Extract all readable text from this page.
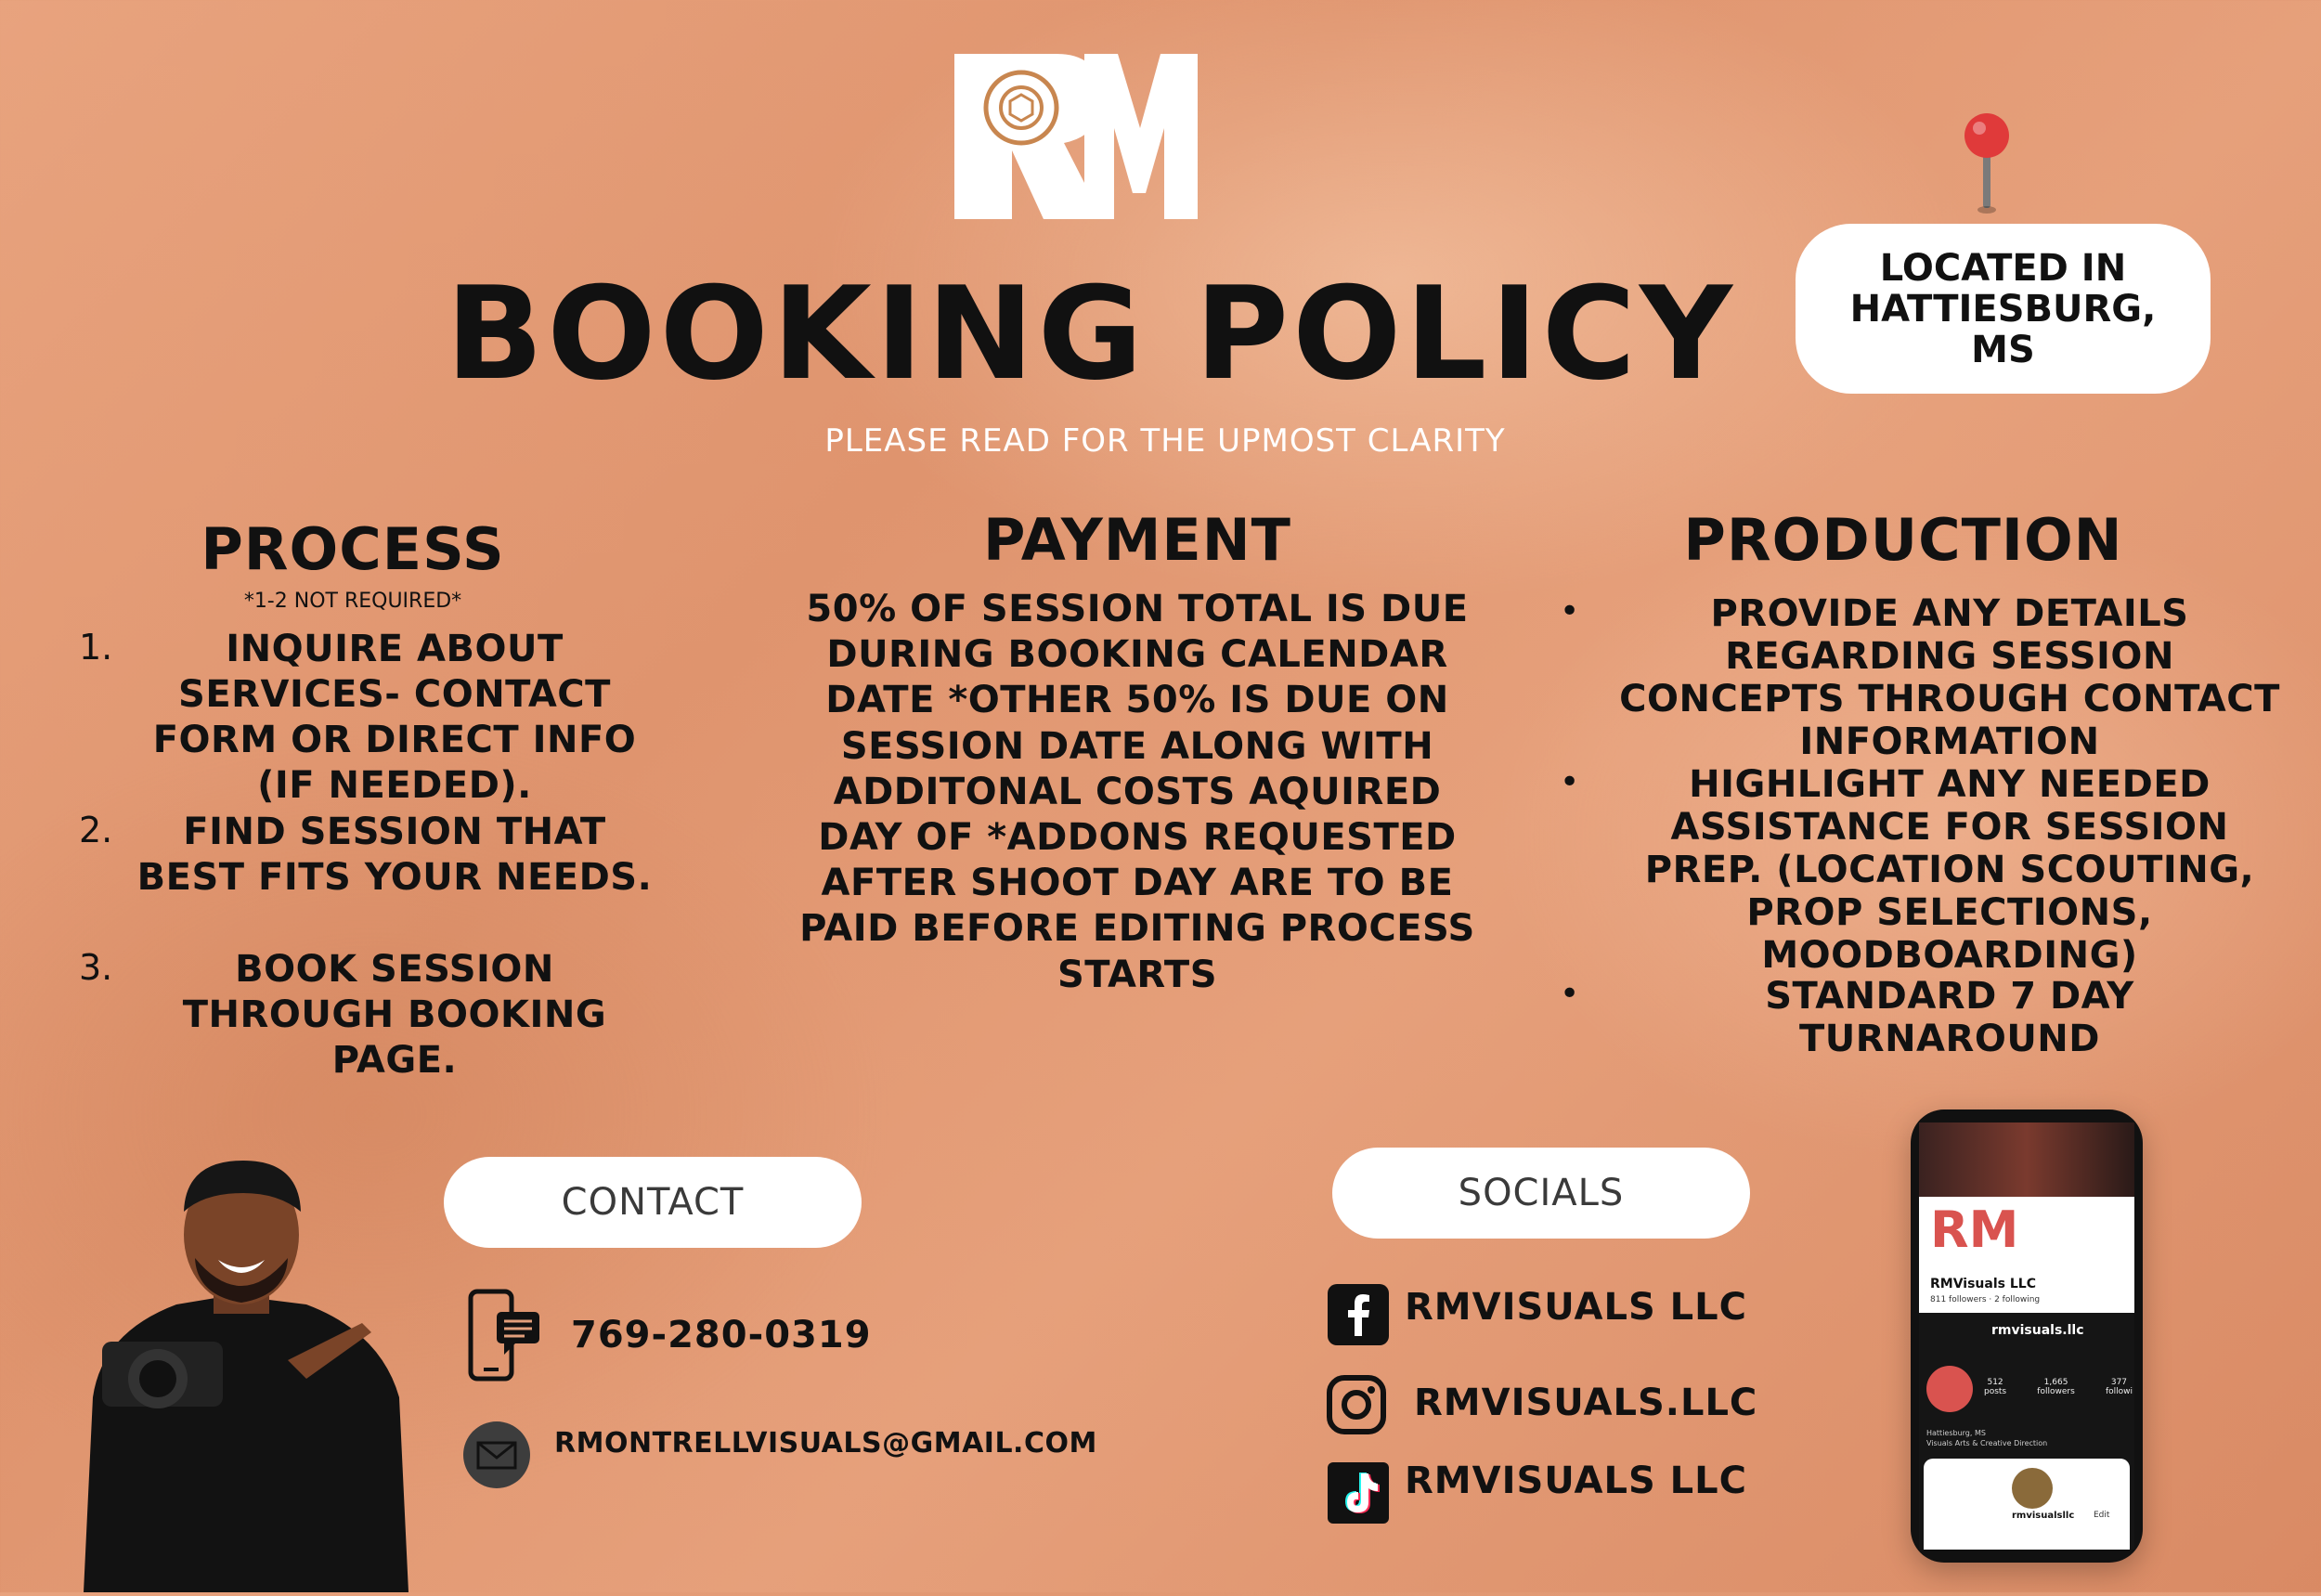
BOOKING POLICY
PLEASE READ FOR THE UPMOST CLARITY
LOCATED IN
HATTIESBURG,
MS
PROCESS
*1-2 NOT REQUIRED*
1.	INQUIRE ABOUT SERVICES- CONTACT FORM OR DIRECT INFO (IF NEEDED).
2.	FIND SESSION THAT BEST FITS YOUR NEEDS.
3.	BOOK SESSION THROUGH BOOKING PAGE.
PAYMENT
50% OF SESSION TOTAL IS DUE DURING BOOKING CALENDAR DATE *OTHER 50% IS DUE ON SESSION DATE ALONG WITH ADDITONAL COSTS AQUIRED DAY OF *ADDONS REQUESTED AFTER SHOOT DAY ARE TO BE PAID BEFORE EDITING PROCESS STARTS
PRODUCTION
•	PROVIDE ANY DETAILS REGARDING SESSION CONCEPTS THROUGH CONTACT INFORMATION
•	HIGHLIGHT ANY NEEDED ASSISTANCE FOR SESSION PREP. (LOCATION SCOUTING, PROP SELECTIONS, MOODBOARDING)
•	STANDARD 7 DAY TURNAROUND
CONTACT
769-280-0319
RMONTRELLVISUALS@GMAIL.COM
SOCIALS
RMVISUALS LLC
RMVISUALS.LLC
RMVISUALS LLC
RM
RMVisuals LLC
811 followers · 2 following
rmvisuals.llc
512
posts
1,665
followers
377
followi
Hattiesburg, MS
Visuals Arts & Creative Direction
rmvisualsllc Edit
